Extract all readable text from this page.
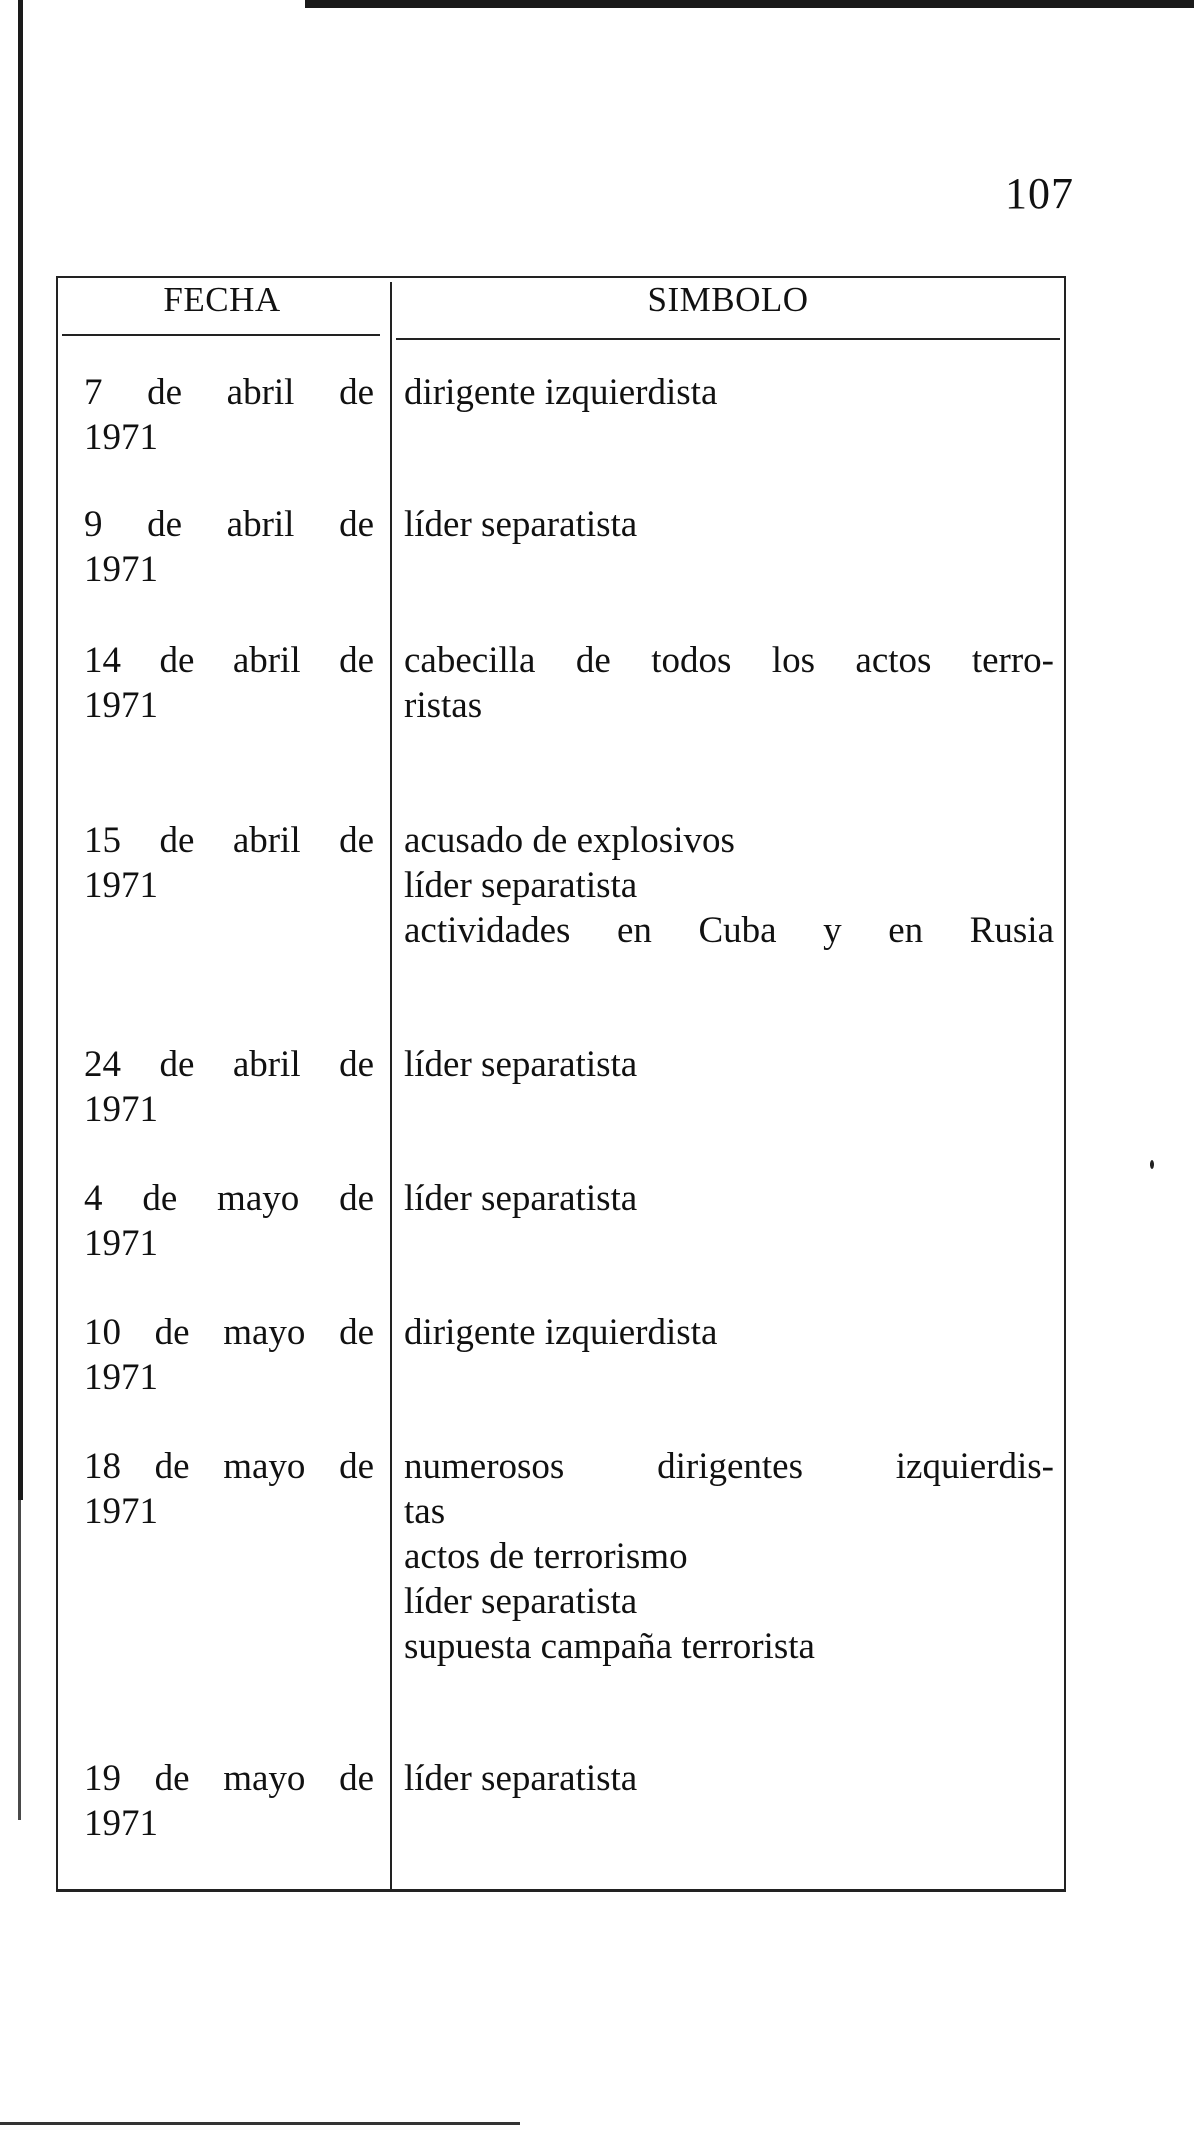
107
FECHA	SIMBOLO
7 de abril de
1971
dirigente izquierdista
9 de abril de
1971
líder separatista
14 de abril de
1971
cabecilla de todos los actos terro-
ristas
15 de abril de
1971
acusado de explosivos
líder separatista
actividades en Cuba y en Rusia
24 de abril de
1971
líder separatista
4 de mayo de
1971
líder separatista
10 de mayo de
1971
dirigente izquierdista
18 de mayo de
1971
numerosos dirigentes izquierdis-
tas
actos de terrorismo
líder separatista
supuesta campaña terrorista
19 de mayo de
1971
líder separatista
